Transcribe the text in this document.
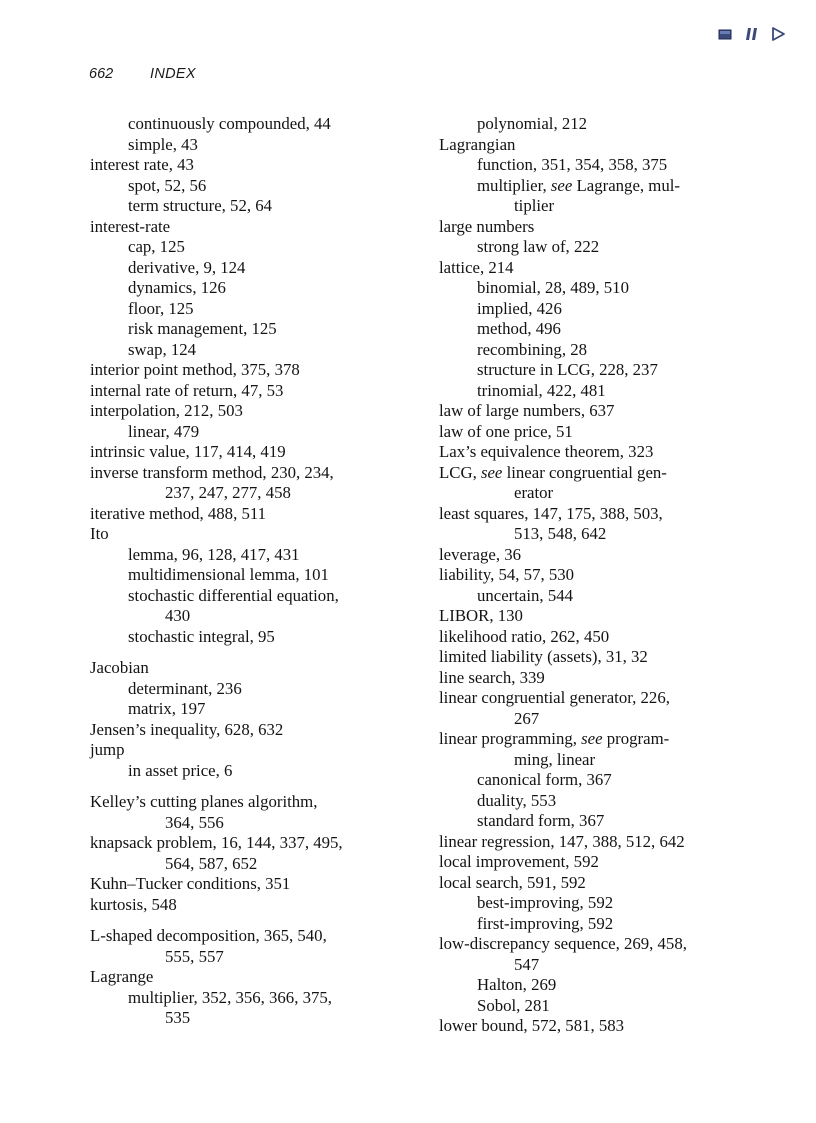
662	INDEX
continuously compounded, 44
simple, 43
interest rate, 43
spot, 52, 56
term structure, 52, 64
interest-rate
cap, 125
derivative, 9, 124
dynamics, 126
floor, 125
risk management, 125
swap, 124
interior point method, 375, 378
internal rate of return, 47, 53
interpolation, 212, 503
linear, 479
intrinsic value, 117, 414, 419
inverse transform method, 230, 234,
237, 247, 277, 458
iterative method, 488, 511
Ito
lemma, 96, 128, 417, 431
multidimensional lemma, 101
stochastic differential equation,
430
stochastic integral, 95
Jacobian
determinant, 236
matrix, 197
Jensen’s inequality, 628, 632
jump
in asset price, 6
Kelley’s cutting planes algorithm,
364, 556
knapsack problem, 16, 144, 337, 495,
564, 587, 652
Kuhn–Tucker conditions, 351
kurtosis, 548
L-shaped decomposition, 365, 540,
555, 557
Lagrange
multiplier, 352, 356, 366, 375,
535
polynomial, 212
Lagrangian
function, 351, 354, 358, 375
multiplier, see Lagrange, mul-
tiplier
large numbers
strong law of, 222
lattice, 214
binomial, 28, 489, 510
implied, 426
method, 496
recombining, 28
structure in LCG, 228, 237
trinomial, 422, 481
law of large numbers, 637
law of one price, 51
Lax’s equivalence theorem, 323
LCG, see linear congruential gen-
erator
least squares, 147, 175, 388, 503,
513, 548, 642
leverage, 36
liability, 54, 57, 530
uncertain, 544
LIBOR, 130
likelihood ratio, 262, 450
limited liability (assets), 31, 32
line search, 339
linear congruential generator, 226,
267
linear programming, see program-
ming, linear
canonical form, 367
duality, 553
standard form, 367
linear regression, 147, 388, 512, 642
local improvement, 592
local search, 591, 592
best-improving, 592
first-improving, 592
low-discrepancy sequence, 269, 458,
547
Halton, 269
Sobol, 281
lower bound, 572, 581, 583
